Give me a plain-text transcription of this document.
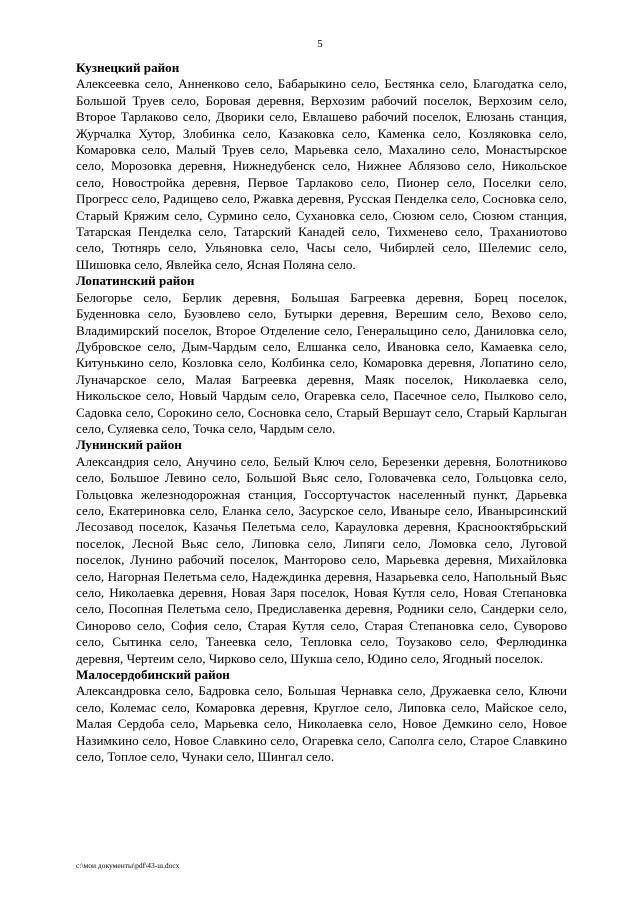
5
Кузнецкий район

Алексеевка село, Анненково село, Бабарыкино село, Бестянка село, Благодатка село, Большой Труев село, Боровая деревня, Верхозим рабочий поселок, Верхозим село, Второе Тарлаково село, Дворики село, Евлашево рабочий поселок, Елюзань станция, Журчалка Хутор, Злобинка село, Казаковка село, Каменка село, Козляковка село, Комаровка село, Малый Труев село, Марьевка село, Махалино село, Монастырское село, Морозовка деревня, Нижнедубенск село, Нижнее Аблязово село, Никольское село, Новостройка деревня, Первое Тарлаково село, Пионер село, Поселки село, Прогресс село, Радищево село, Ржавка деревня, Русская Пенделка село, Сосновка село, Старый Кряжим село, Сурмино село, Сухановка село, Сюзюм село, Сюзюм станция, Татарская Пенделка село, Татарский Канадей село, Тихменево село, Траханиотово село, Тютнярь село, Ульяновка село, Часы село, Чибирлей село, Шелемис село, Шишовка село, Явлейка село, Ясная Поляна село.

Лопатинский район

Белогорье село, Берлик деревня, Большая Багреевка деревня, Борец поселок, Буденновка село, Бузовлево село, Бутырки деревня, Верешим село, Вехово село, Владимирский поселок, Второе Отделение село, Генеральщино село, Даниловка село, Дубровское село, Дым-Чардым село, Елшанка село, Ивановка село, Камаевка село, Китунькино село, Козловка село, Колбинка село, Комаровка деревня, Лопатино село, Луначарское село, Малая Багреевка деревня, Маяк поселок, Николаевка село, Никольское село, Новый Чардым село, Огаревка село, Пасечное село, Пылково село, Садовка село, Сорокино село, Сосновка село, Старый Вершаут село, Старый Карлыган село, Суляевка село, Точка село, Чардым село.

Лунинский район

Александрия село, Анучино село, Белый Ключ село, Березенки деревня, Болотниково село, Большое Левино село, Большой Вьяс село, Головачевка село, Гольцовка село, Гольцовка железнодорожная станция, Госсортучасток населенный пункт, Дарьевка село, Екатериновка село, Еланка село, Засурское село, Иваныре село, Иванырсинский Лесозавод поселок, Казачья Пелетьма село, Карауловка деревня, Краснооктябрьский поселок, Лесной Вьяс село, Липовка село, Липяги село, Ломовка село, Луговой поселок, Лунино рабочий поселок, Манторово село, Марьевка деревня, Михайловка село, Нагорная Пелетьма село, Надеждинка деревня, Назарьевка село, Напольный Вьяс село, Николаевка деревня, Новая Заря поселок, Новая Кутля село, Новая Степановка село, Посопная Пелетьма село, Предиславенка деревня, Родники село, Сандерки село, Синорово село, София село, Старая Кутля село, Старая Степановка село, Суворово село, Сытинка село, Танеевка село, Тепловка село, Тоузаково село, Ферлюдинка деревня, Чертеим село, Чирково село, Шукша село, Юдино село, Ягодный поселок.

Малосердобинский район

Александровка село, Бадровка село, Большая Чернавка село, Дружаевка село, Ключи село, Колемас село, Комаровка деревня, Круглое село, Липовка село, Майское село, Малая Сердоба село, Марьевка село, Николаевка село, Новое Демкино село, Новое Назимкино село, Новое Славкино село, Огаревка село, Саполга село, Старое Славкино село, Топлое село, Чунаки село, Шингал село.

c:\мои документы\pdf\43-ш.docx
